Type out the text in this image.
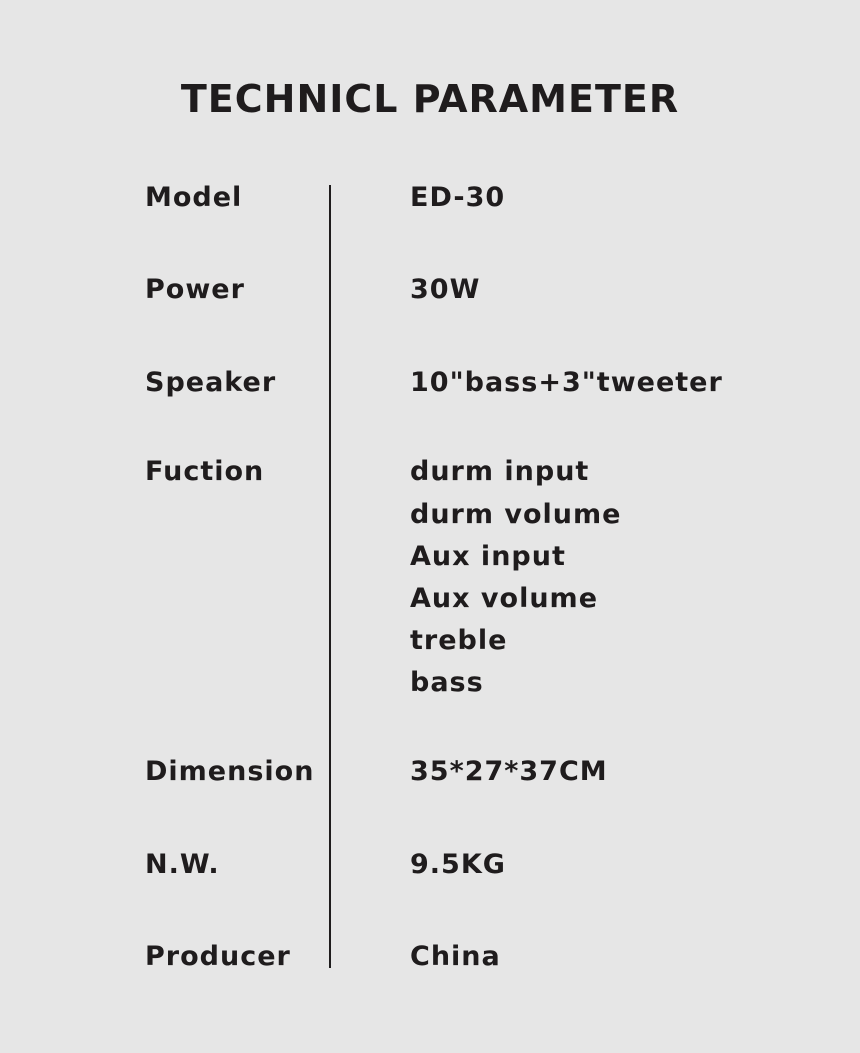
TECHNICL PARAMETER
Model	ED-30
Power	30W
Speaker	10"bass+3"tweeter
Fuction	durm input
durm volume
Aux input
Aux volume
treble
bass
Dimension	35*27*37CM
N.W.	9.5KG
Producer	China
